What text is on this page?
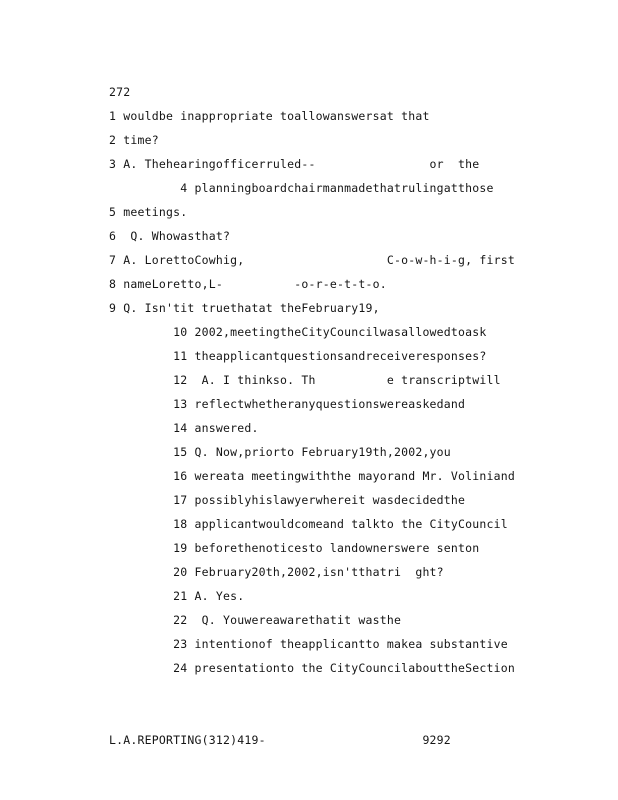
272
1 wouldbe inappropriate toallowanswersat that
2 time?
3 A. Thehearingofficerruled--                or  the
4 planningboardchairmanmadethatrulingatthose
5 meetings.
6  Q. Whowasthat?
7 A. LorettoCowhig,                    C-o-w-h-i-g, first
8 nameLoretto,L-          -o-r-e-t-t-o.
9 Q. Isn'tit truethatat theFebruary19,
10 2002,meetingtheCityCouncilwasallowedtoask
11 theapplicantquestionsandreceiveresponses?
12  A. I thinkso. Th          e transcriptwill
13 reflectwhetheranyquestionswereaskedand
14 answered.
15 Q. Now,priorto February19th,2002,you
16 wereata meetingwiththe mayorand Mr. Voliniand
17 possiblyhislawyerwhereit wasdecidedthe
18 applicantwouldcomeand talkto the CityCouncil
19 beforethenoticesto landownerswere senton
20 February20th,2002,isn'tthatri  ght?
21 A. Yes.
22  Q. Youwereawarethatit wasthe
23 intentionof theapplicantto makea substantive
24 presentationto the CityCouncilabouttheSection
L.A.REPORTING(312)419-                      9292
